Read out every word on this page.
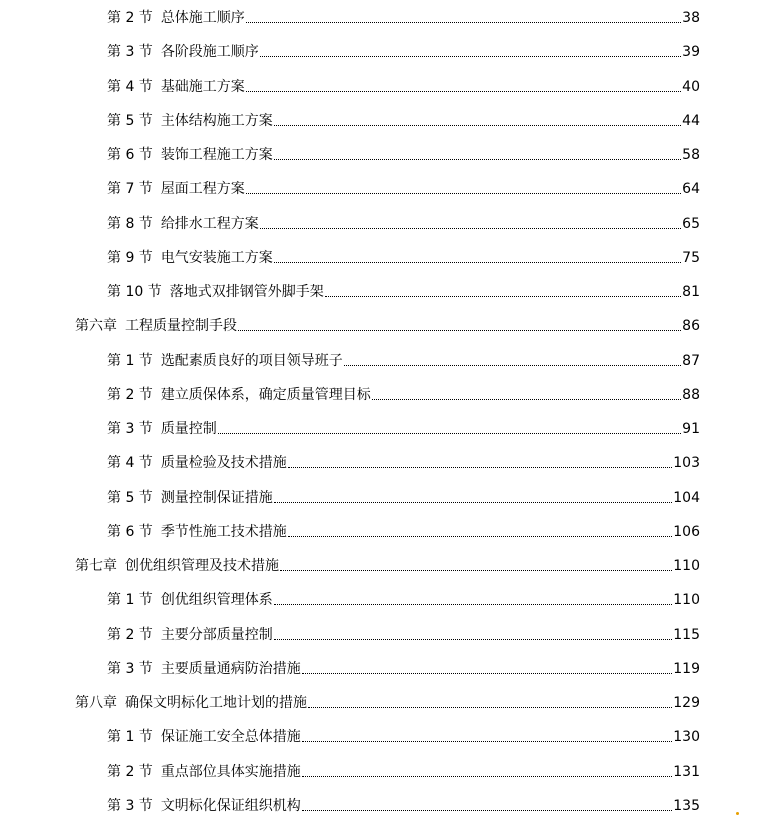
第 2 节 总体施工顺序	38
第 3 节 各阶段施工顺序	39
第 4 节 基础施工方案	40
第 5 节 主体结构施工方案	44
第 6 节 装饰工程施工方案	58
第 7 节 屋面工程方案	64
第 8 节 给排水工程方案	65
第 9 节 电气安装施工方案	75
第 10 节 落地式双排钢管外脚手架	81
第六章 工程质量控制手段	86
第 1 节 选配素质良好的项目领导班子	87
第 2 节 建立质保体系，确定质量管理目标	88
第 3 节 质量控制	91
第 4 节 质量检验及技术措施	103
第 5 节 测量控制保证措施	104
第 6 节 季节性施工技术措施	106
第七章 创优组织管理及技术措施	110
第 1 节 创优组织管理体系	110
第 2 节 主要分部质量控制	115
第 3 节 主要质量通病防治措施	119
第八章 确保文明标化工地计划的措施	129
第 1 节 保证施工安全总体措施	130
第 2 节 重点部位具体实施措施	131
第 3 节 文明标化保证组织机构	135
